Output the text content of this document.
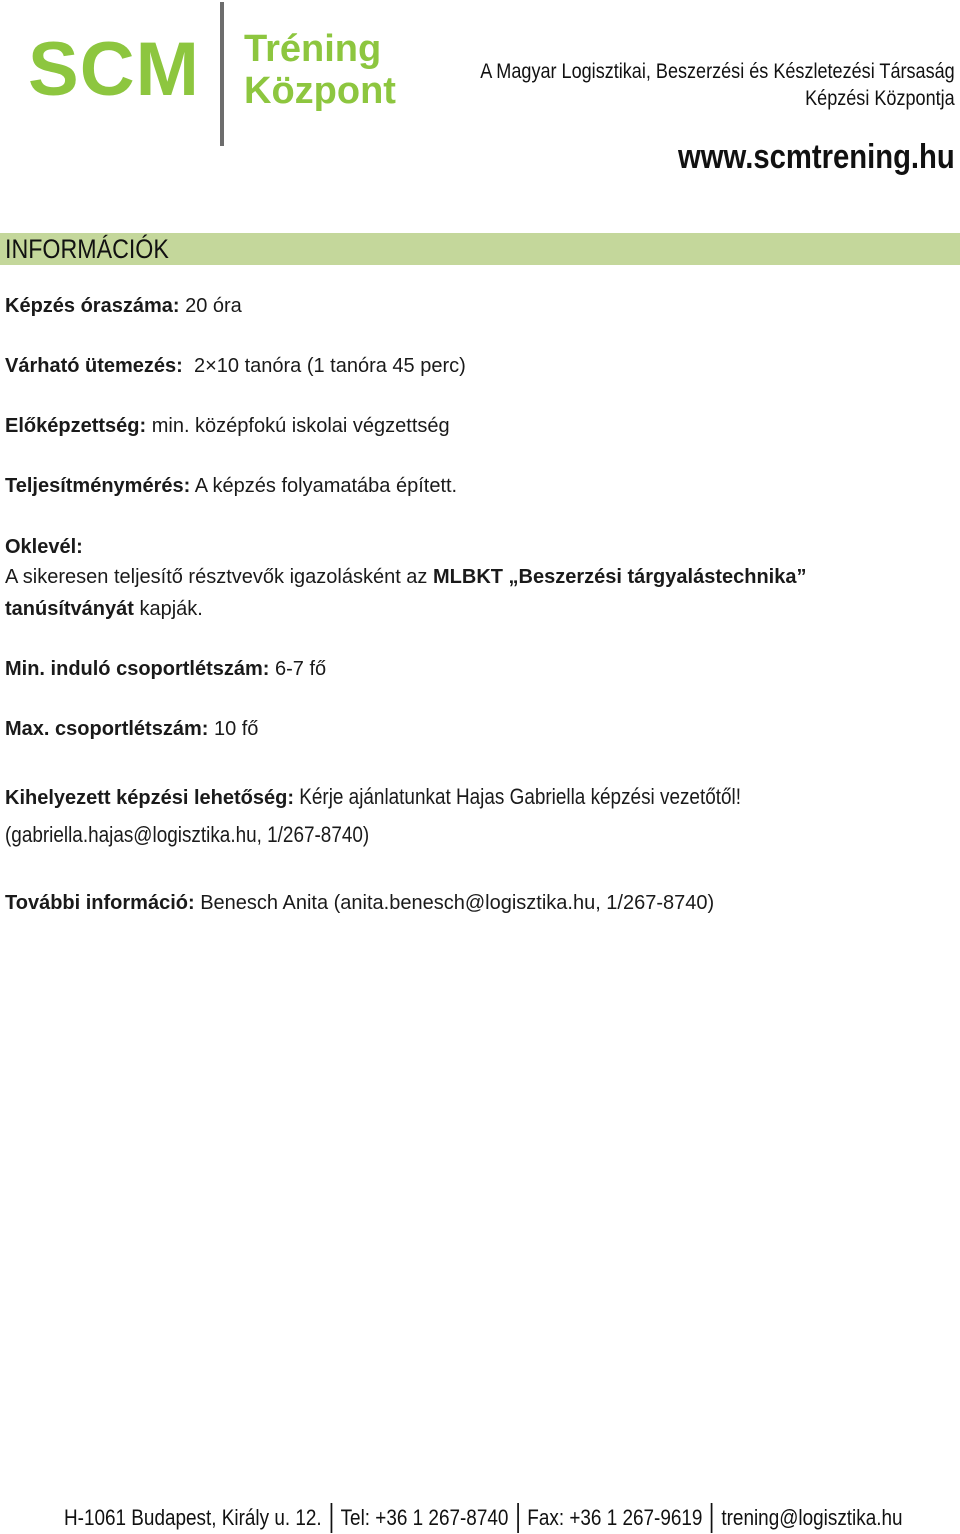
SCM Tréning
Központ	A Magyar Logisztikai, Beszerzési és Készletezési Társaság
Képzési Központja
www.scmtrening.hu
INFORMÁCIÓK
Képzés óraszáma: 20 óra
Várható ütemezés:  2×10 tanóra (1 tanóra 45 perc)
Előképzettség: min. középfokú iskolai végzettség
Teljesítménymérés: A képzés folyamatába épített.
Oklevél:
A sikeresen teljesítő résztvevők igazolásként az MLBKT „Beszerzési tárgyalástechnika”
tanúsítványát kapják.
Min. induló csoportlétszám: 6-7 fő
Max. csoportlétszám: 10 fő
Kihelyezett képzési lehetőség: Kérje ajánlatunkat Hajas Gabriella képzési vezetőtől!
(gabriella.hajas@logisztika.hu, 1/267-8740)
További információ: Benesch Anita (anita.benesch@logisztika.hu, 1/267-8740)
H-1061 Budapest, Király u. 12. Tel: +36 1 267-8740 Fax: +36 1 267-9619 trening@logisztika.hu
